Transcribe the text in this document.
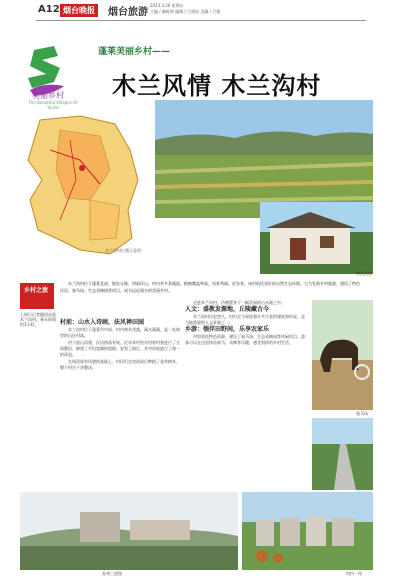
A12 烟台晚报	烟台旅游
2013.3.26 星期五
主编 / 廉乾坤 编辑 / 吕建国 美编 / 吕媛
美丽乡村
The Beautiful Villages Of Yantai
蓬莱美丽乡村——
木兰风情 木兰沟村
木兰沟村位置示意图
特色民居
木兰沟村位于蓬莱北部，地处丘陵，四面环山。村内有多条溪流，植被覆盖率高，风景秀丽。近年来，该村依托良好的自然生态环境，大力发展乡村旅游，建设了特色民居、骑马场、生态采摘园等项目，成为远近闻名的美丽乡村。
乡村之旅
上周日记者随团走进木兰沟村。乘车时间约1小时。	村前：山水入诗画，法风禅田园

木兰沟村位于蓬莱市中部，村内林木茂盛，溪水潺潺，是一处典型的山区村落。

村子依山而建，民居错落有致。近年来村里对村容村貌进行了全面整治，修建了平坦宽阔的道路，安装了路灯，并对房屋进行了统一的改造。

在保留原有风貌的基础上，村民们在房前屋后种植了花草树木，整个村庄干净整洁。

走进木兰沟村，仿佛置身于一幅美丽的山水画之中。

人文：盛教发源地，丘陵藏古今

木兰沟村历史悠久，村内至今保留着许多古老的建筑和传说，是当地重要的人文景观之一。

乡游：徜徉田野间，乐享农家乐

村里依托特色资源，建设了骑马场、生态采摘园等休闲项目，游客可以在这里体验骑马、采摘等乐趣，感受别样的乡村生活。

骑马场
苏州三道堡	村内一角
